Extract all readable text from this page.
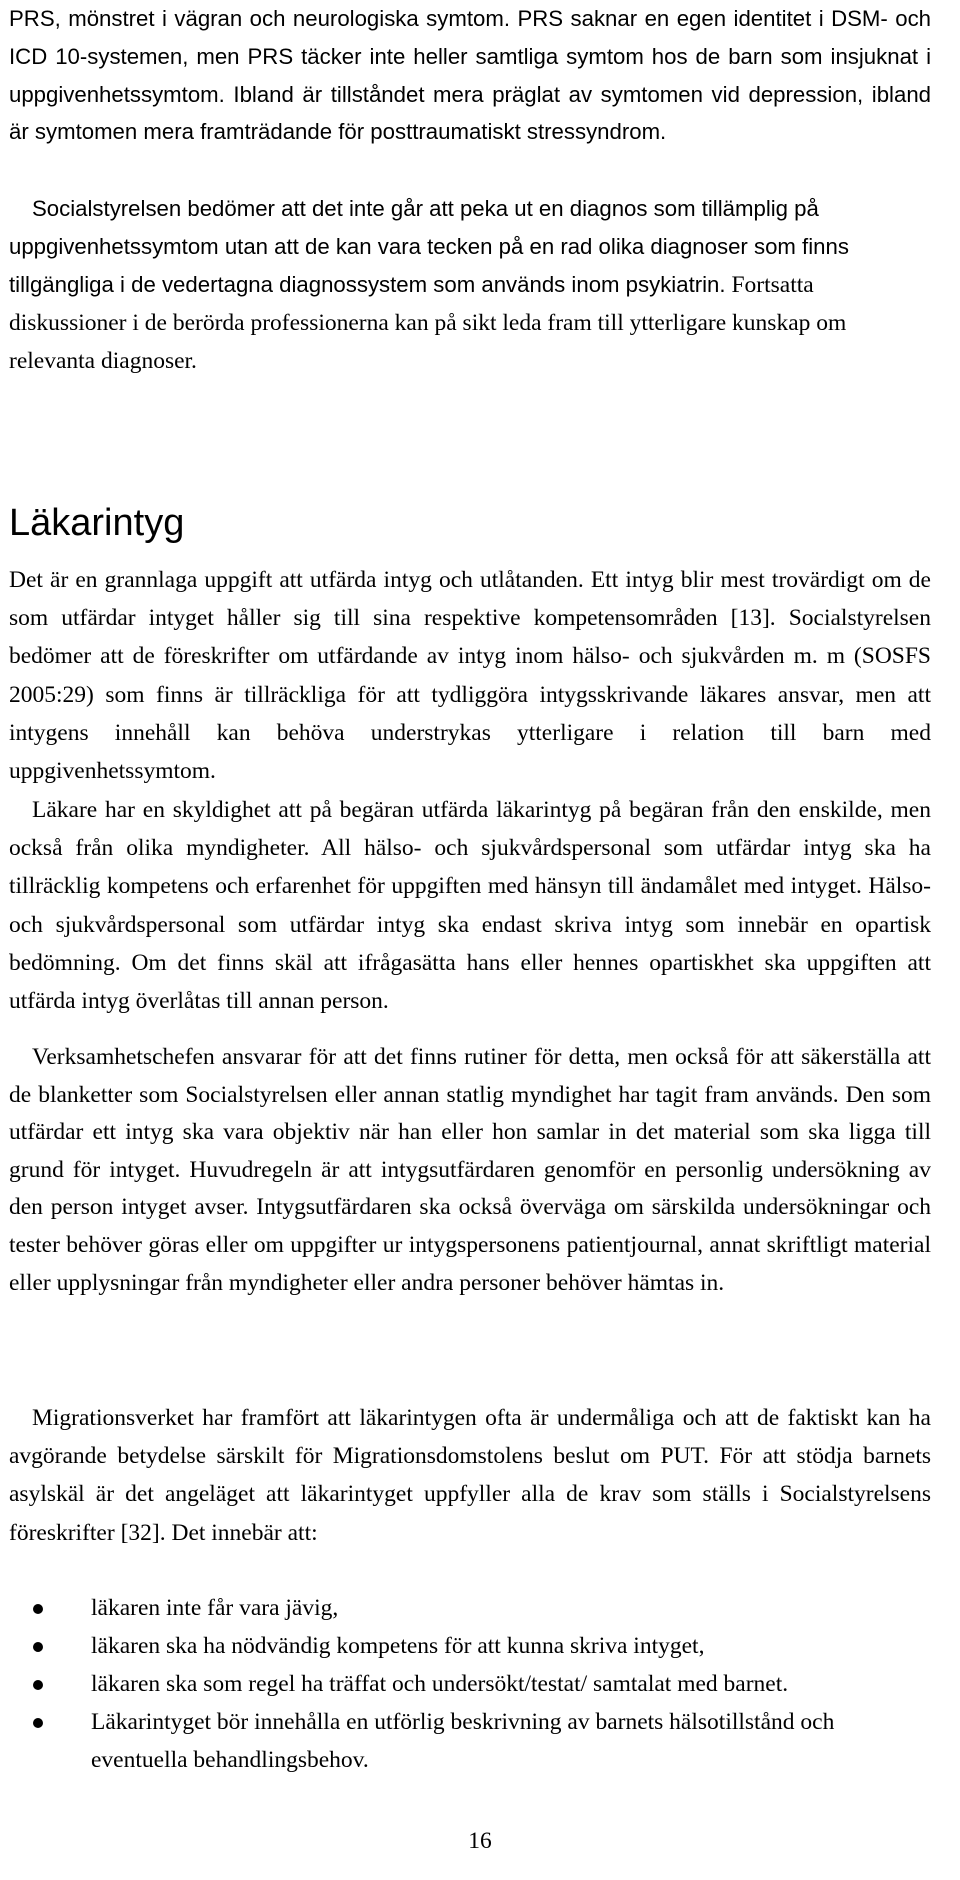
PRS, mönstret i vägran och neurologiska symtom. PRS saknar en egen identitet i DSM- och ICD 10-systemen, men PRS täcker inte heller samtliga symtom hos de barn som insjuknat i uppgivenhetssymtom. Ibland är tillståndet mera präglat av symtomen vid depression, ibland är symtomen mera framträdande för posttraumatiskt stressyndrom.

Socialstyrelsen bedömer att det inte går att peka ut en diagnos som tillämplig på uppgivenhetssymtom utan att de kan vara tecken på en rad olika diagnoser som finns tillgängliga i de vedertagna diagnossystem som används inom psykiatrin. Fortsatta diskussioner i de berörda professionerna kan på sikt leda fram till ytterligare kunskap om relevanta diagnoser.

Läkarintyg

Det är en grannlaga uppgift att utfärda intyg och utlåtanden. Ett intyg blir mest trovärdigt om de som utfärdar intyget håller sig till sina respektive kompetensområden [13]. Socialstyrelsen bedömer att de föreskrifter om utfärdande av intyg inom hälso- och sjukvården m. m (SOSFS 2005:29) som finns är tillräckliga för att tydliggöra intygsskrivande läkares ansvar, men att intygens innehåll kan behöva understrykas ytterligare i relation till barn med uppgivenhetssymtom.

Läkare har en skyldighet att på begäran utfärda läkarintyg på begäran från den enskilde, men också från olika myndigheter. All hälso- och sjukvårdspersonal som utfärdar intyg ska ha tillräcklig kompetens och erfarenhet för uppgiften med hänsyn till ändamålet med intyget. Hälso- och sjukvårdspersonal som utfärdar intyg ska endast skriva intyg som innebär en opartisk bedömning. Om det finns skäl att ifrågasätta hans eller hennes opartiskhet ska uppgiften att utfärda intyg överlåtas till annan person.

Verksamhetschefen ansvarar för att det finns rutiner för detta, men också för att säkerställa att de blanketter som Socialstyrelsen eller annan statlig myndighet har tagit fram används. Den som utfärdar ett intyg ska vara objektiv när han eller hon samlar in det material som ska ligga till grund för intyget. Huvudregeln är att intygsutfärdaren genomför en personlig undersökning av den person intyget avser. Intygsutfärdaren ska också överväga om särskilda undersökningar och tester behöver göras eller om uppgifter ur intygspersonens patientjournal, annat skriftligt material eller upplysningar från myndigheter eller andra personer behöver hämtas in.

Migrationsverket har framfört att läkarintygen ofta är undermåliga och att de faktiskt kan ha avgörande betydelse särskilt för Migrationsdomstolens beslut om PUT. För att stödja barnets asylskäl är det angeläget att läkarintyget uppfyller alla de krav som ställs i Socialstyrelsens föreskrifter [32]. Det innebär att:

läkaren inte får vara jävig,
läkaren ska ha nödvändig kompetens för att kunna skriva intyget,
läkaren ska som regel ha träffat och undersökt/testat/ samtalat med barnet.
Läkarintyget bör innehålla en utförlig beskrivning av barnets hälsotillstånd och eventuella behandlingsbehov.
16
